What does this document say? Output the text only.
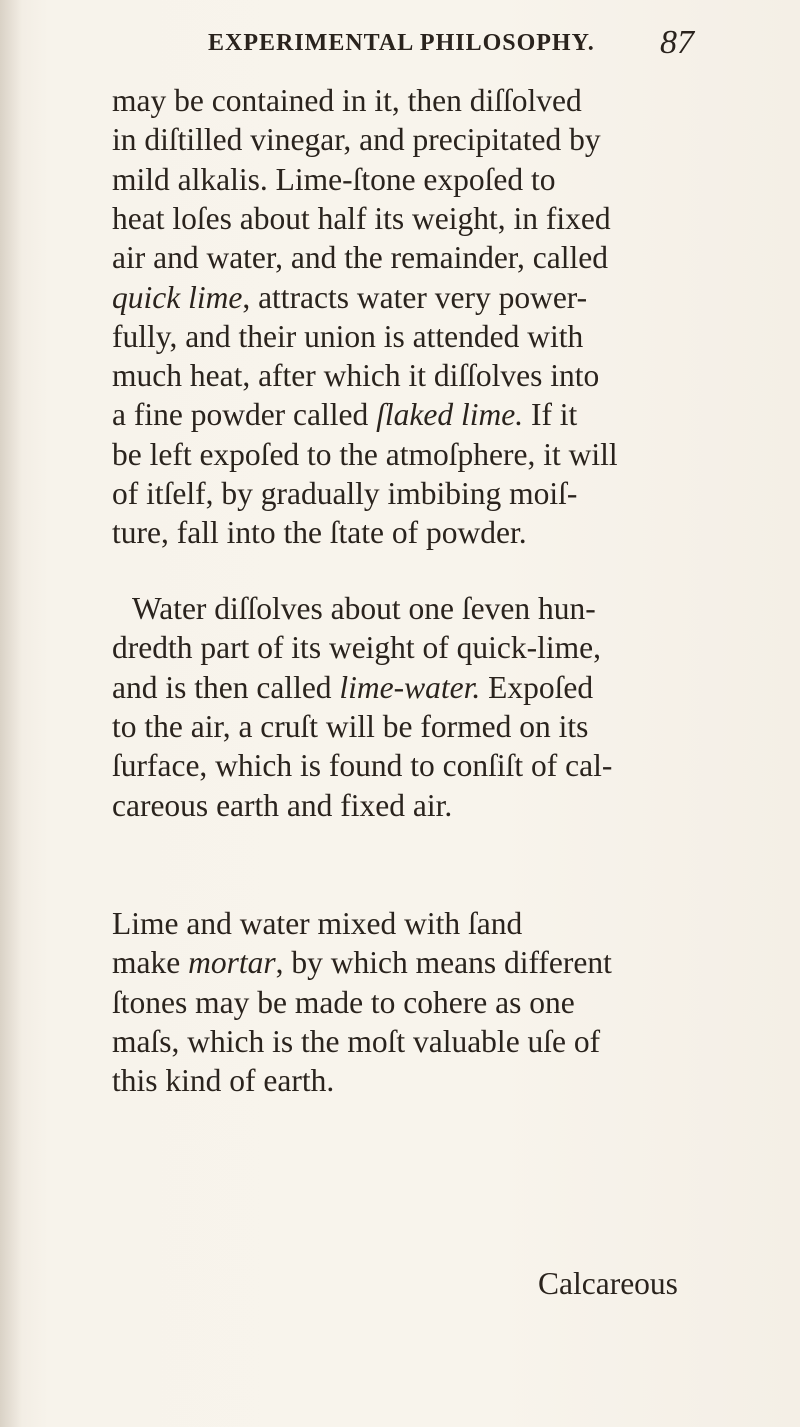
EXPERIMENTAL PHILOSOPHY. 87
may be contained in it, then diſſolved
in diſtilled vinegar, and precipitated by
mild alkalis. Lime-ſtone expoſed to
heat loſes about half its weight, in fixed
air and water, and the remainder, called
quick lime, attracts water very power-
fully, and their union is attended with
much heat, after which it diſſolves into
a fine powder called ſlaked lime. If it
be left expoſed to the atmoſphere, it will
of itſelf, by gradually imbibing moiſ-
ture, fall into the ſtate of powder.
Water diſſolves about one ſeven hun-
dredth part of its weight of quick-lime,
and is then called lime-water. Expoſed
to the air, a cruſt will be formed on its
ſurface, which is found to conſiſt of cal-
careous earth and fixed air.
Lime and water mixed with ſand
make mortar, by which means different
ſtones may be made to cohere as one
maſs, which is the moſt valuable uſe of
this kind of earth.
Calcareous
